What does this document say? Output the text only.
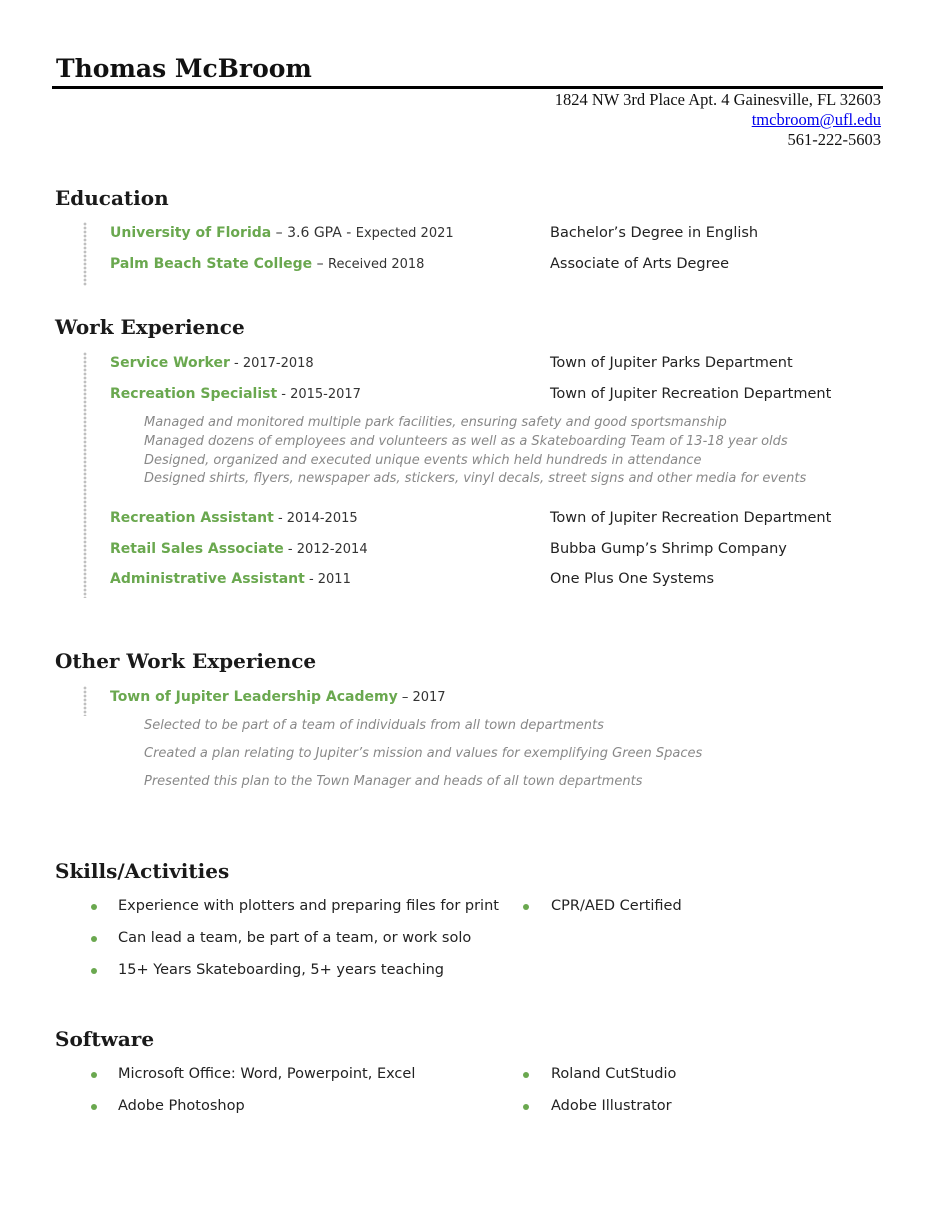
Thomas McBroom
1824 NW 3rd Place Apt. 4 Gainesville, FL 32603
tmcbroom@ufl.edu
561-222-5603
Education
University of Florida – 3.6 GPA - Expected 2021	Bachelor’s Degree in English
Palm Beach State College – Received 2018	Associate of Arts Degree
Work Experience
Service Worker - 2017-2018	Town of Jupiter Parks Department
Recreation Specialist - 2015-2017	Town of Jupiter Recreation Department
Managed and monitored multiple park facilities, ensuring safety and good sportsmanship
Managed dozens of employees and volunteers as well as a Skateboarding Team of 13-18 year olds
Designed, organized and executed unique events which held hundreds in attendance
Designed shirts, flyers, newspaper ads, stickers, vinyl decals, street signs and other media for events
Recreation Assistant - 2014-2015	Town of Jupiter Recreation Department
Retail Sales Associate - 2012-2014	Bubba Gump’s Shrimp Company
Administrative Assistant - 2011	One Plus One Systems
Other Work Experience
Town of Jupiter Leadership Academy – 2017
Selected to be part of a team of individuals from all town departments
Created a plan relating to Jupiter’s mission and values for exemplifying Green Spaces
Presented this plan to the Town Manager and heads of all town departments
Skills/Activities
Experience with plotters and preparing files for print
Can lead a team, be part of a team, or work solo
15+ Years Skateboarding, 5+ years teaching
CPR/AED Certified
Software
Microsoft Office: Word, Powerpoint, Excel
Adobe Photoshop
Roland CutStudio
Adobe Illustrator
